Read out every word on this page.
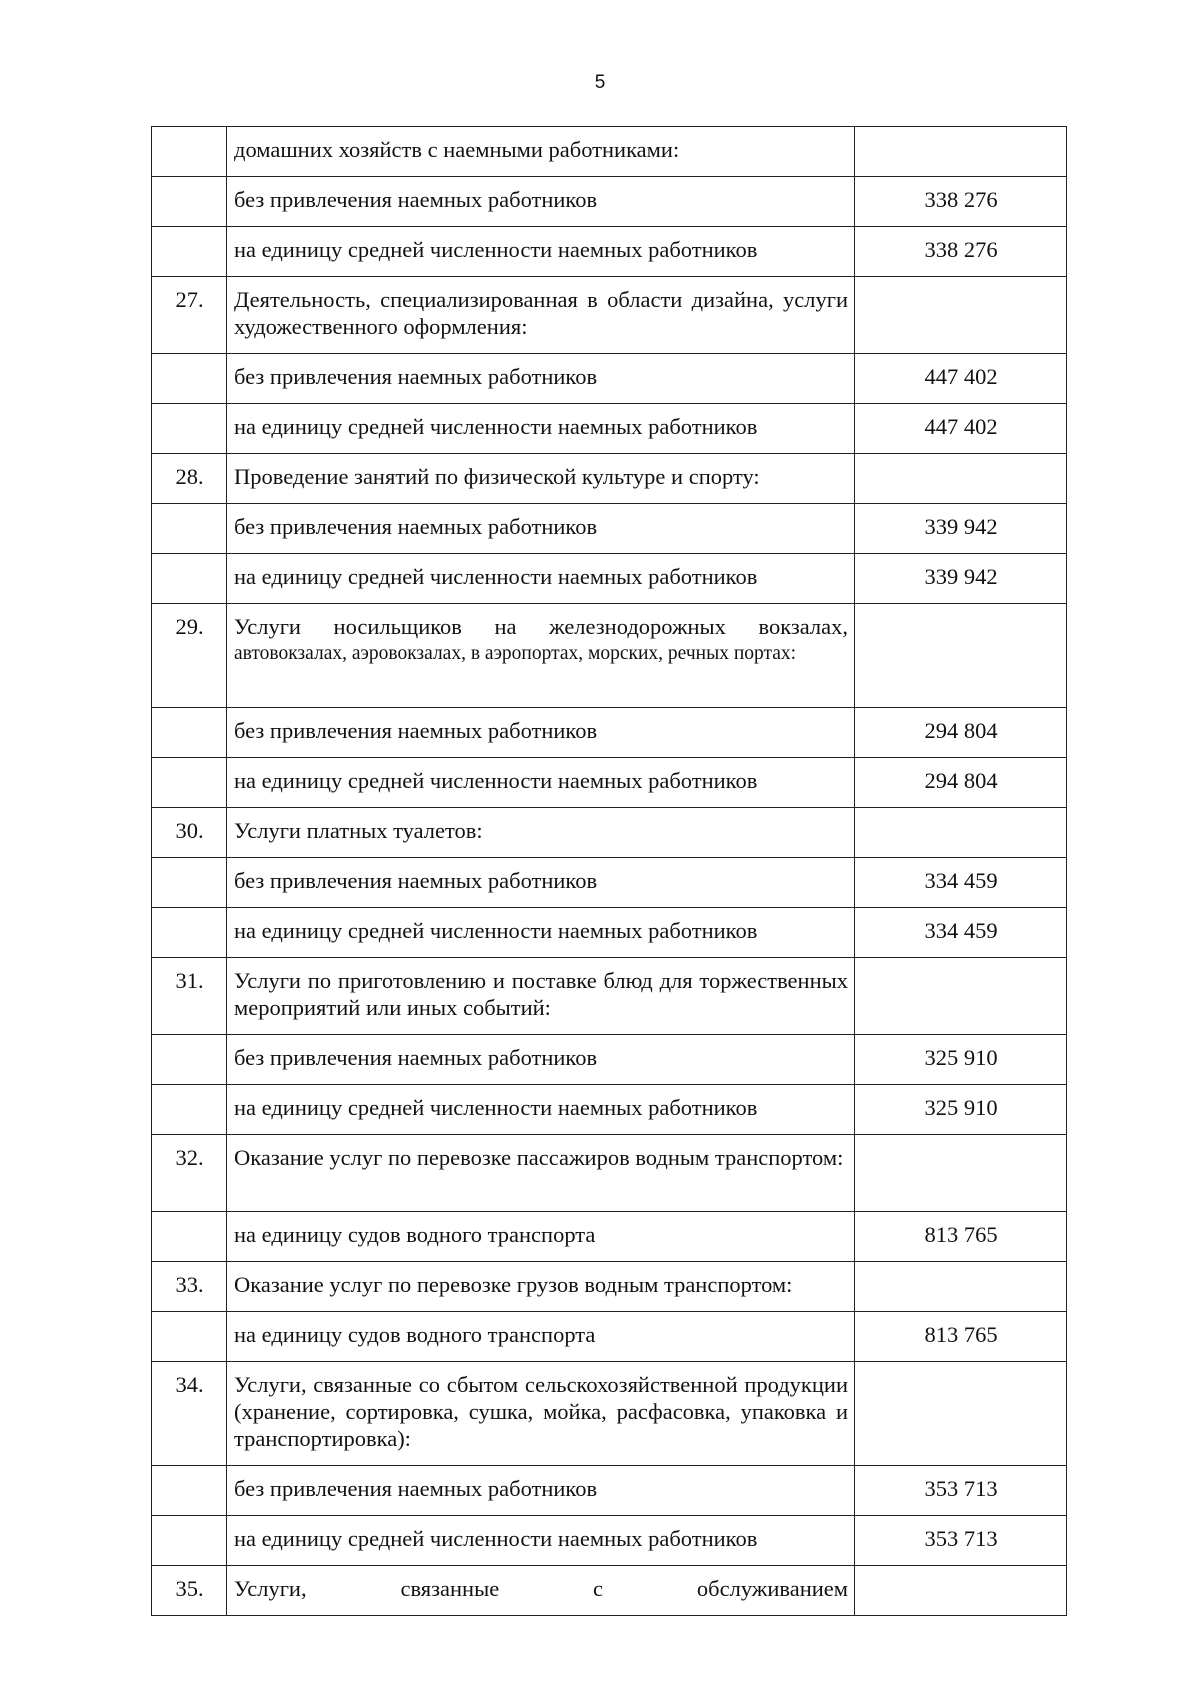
5
	домашних хозяйств с наемными работниками:	
	без привлечения наемных работников	338 276
	на единицу средней численности наемных работников	338 276
27.	Деятельность, специализированная в области дизайна, услуги художественного оформления:	
	без привлечения наемных работников	447 402
	на единицу средней численности наемных работников	447 402
28.	Проведение занятий по физической культуре и спорту:	
	без привлечения наемных работников	339 942
	на единицу средней численности наемных работников	339 942
29.	Услуги носильщиков на железнодорожных вокзалах,
автовокзалах, аэровокзалах, в аэропортах, морских, речных портах:	

	без привлечения наемных работников	294 804
	на единицу средней численности наемных работников	294 804
30.	Услуги платных туалетов:	
	без привлечения наемных работников	334 459
	на единицу средней численности наемных работников	334 459
31.	Услуги по приготовлению и поставке блюд для торжественных мероприятий или иных событий:	
	без привлечения наемных работников	325 910
	на единицу средней численности наемных работников	325 910
32.	Оказание услуг по перевозке пассажиров водным транспортом:	
	на единицу судов водного транспорта	813 765
33.	Оказание услуг по перевозке грузов водным транспортом:	
	на единицу судов водного транспорта	813 765
34.	Услуги, связанные со сбытом сельскохозяйственной продукции (хранение, сортировка, сушка, мойка, расфасовка, упаковка и транспортировка):	
	без привлечения наемных работников	353 713
	на единицу средней численности наемных работников	353 713
35.	Услуги, связанные с обслуживанием	
